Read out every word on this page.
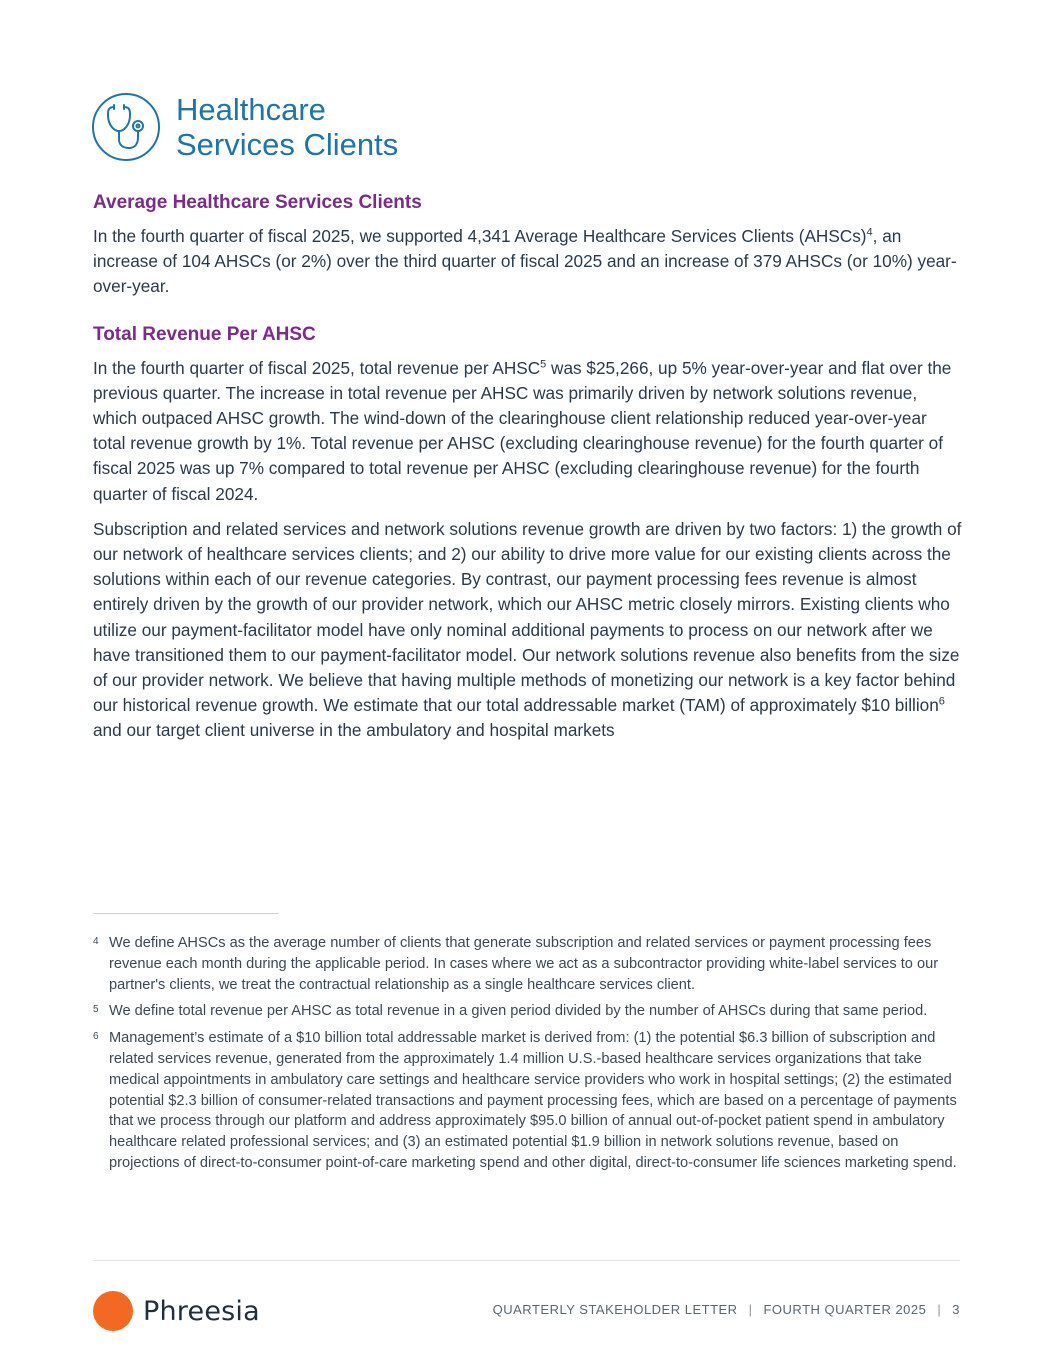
Healthcare
Services Clients
Average Healthcare Services Clients

In the fourth quarter of fiscal 2025, we supported 4,341 Average Healthcare Services Clients (AHSCs)$^4$, an increase of 104 AHSCs (or 2%) over the third quarter of fiscal 2025 and an increase of 379 AHSCs (or 10%) year-over-year.

Total Revenue Per AHSC

In the fourth quarter of fiscal 2025, total revenue per AHSC$^5$ was $25,266, up 5% year-over-year and flat over the previous quarter. The increase in total revenue per AHSC was primarily driven by network solutions revenue, which outpaced AHSC growth. The wind-down of the clearinghouse client relationship reduced year-over-year total revenue growth by 1%. Total revenue per AHSC (excluding clearinghouse revenue) for the fourth quarter of fiscal 2025 was up 7% compared to total revenue per AHSC (excluding clearinghouse revenue) for the fourth quarter of fiscal 2024.

Subscription and related services and network solutions revenue growth are driven by two factors: 1) the growth of our network of healthcare services clients; and 2) our ability to drive more value for our existing clients across the solutions within each of our revenue categories. By contrast, our payment processing fees revenue is almost entirely driven by the growth of our provider network, which our AHSC metric closely mirrors. Existing clients who utilize our payment-facilitator model have only nominal additional payments to process on our network after we have transitioned them to our payment-facilitator model. Our network solutions revenue also benefits from the size of our provider network. We believe that having multiple methods of monetizing our network is a key factor behind our historical revenue growth. We estimate that our total addressable market (TAM) of approximately $10 billion$^6$ and our target client universe in the ambulatory and hospital markets

4 We define AHSCs as the average number of clients that generate subscription and related services or payment processing fees revenue each month during the applicable period. In cases where we act as a subcontractor providing white-label services to our partner's clients, we treat the contractual relationship as a single healthcare services client.
5 We define total revenue per AHSC as total revenue in a given period divided by the number of AHSCs during that same period.
6 Management’s estimate of a $10 billion total addressable market is derived from: (1) the potential $6.3 billion of subscription and related services revenue, generated from the approximately 1.4 million U.S.-based healthcare services organizations that take medical appointments in ambulatory care settings and healthcare service providers who work in hospital settings; (2) the estimated potential $2.3 billion of consumer-related transactions and payment processing fees, which are based on a percentage of payments that we process through our platform and address approximately $95.0 billion of annual out-of-pocket patient spend in ambulatory healthcare related professional services; and (3) an estimated potential $1.9 billion in network solutions revenue, based on projections of direct-to-consumer point-of-care marketing spend and other digital, direct-to-consumer life sciences marketing spend.
Phreesia	QUARTERLY STAKEHOLDER LETTER | FOURTH QUARTER 2025 | 3
